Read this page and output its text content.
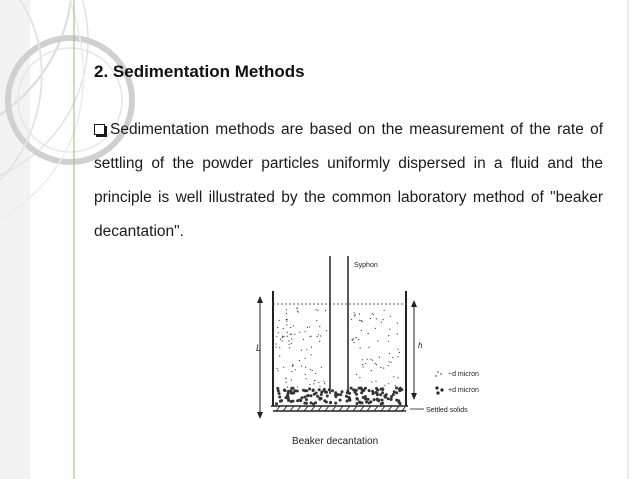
2. Sedimentation Methods
Sedimentation methods are based on the measurement of the rate of settling of the powder particles uniformly dispersed in a fluid and the principle is well illustrated by the common laboratory method of "beaker decantation".
L	h
Syphon
~d micron
+d micron
Settled solids
Beaker decantation
